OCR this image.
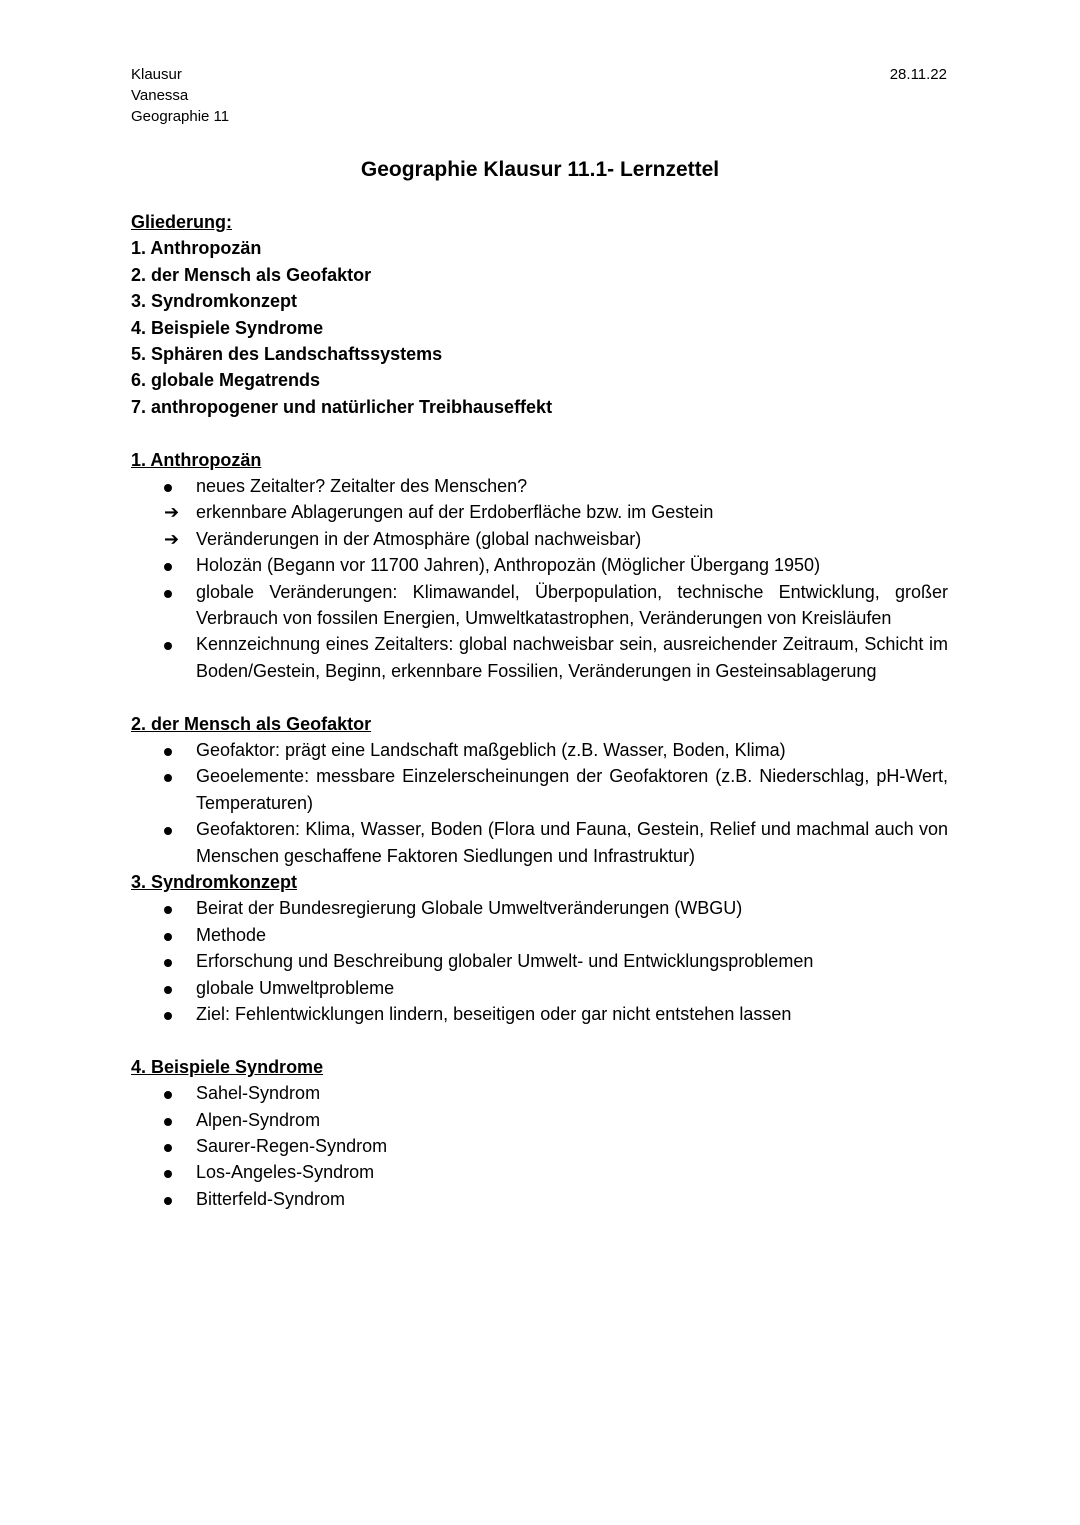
Klausur
Vanessa
Geographie 11
28.11.22
Geographie Klausur 11.1- Lernzettel
Gliederung:
1. Anthropozän
2. der Mensch als Geofaktor
3. Syndromkonzept
4. Beispiele Syndrome
5. Sphären des Landschaftssystems
6. globale Megatrends
7. anthropogener und natürlicher Treibhauseffekt
1. Anthropozän
neues Zeitalter? Zeitalter des Menschen?
➔ erkennbare Ablagerungen auf der Erdoberfläche bzw. im Gestein
➔ Veränderungen in der Atmosphäre (global nachweisbar)
Holozän (Begann vor 11700 Jahren), Anthropozän (Möglicher Übergang 1950)
globale Veränderungen: Klimawandel, Überpopulation, technische Entwicklung, großer Verbrauch von fossilen Energien, Umweltkatastrophen, Veränderungen von Kreisläufen
Kennzeichnung eines Zeitalters: global nachweisbar sein, ausreichender Zeitraum, Schicht im Boden/Gestein, Beginn, erkennbare Fossilien, Veränderungen in Gesteinsablagerung
2. der Mensch als Geofaktor
Geofaktor: prägt eine Landschaft maßgeblich (z.B. Wasser, Boden, Klima)
Geoelemente: messbare Einzelerscheinungen der Geofaktoren (z.B. Niederschlag, pH-Wert, Temperaturen)
Geofaktoren: Klima, Wasser, Boden (Flora und Fauna, Gestein, Relief und machmal auch von Menschen geschaffene Faktoren Siedlungen und Infrastruktur)
3. Syndromkonzept
Beirat der Bundesregierung Globale Umweltveränderungen (WBGU)
Methode
Erforschung und Beschreibung globaler Umwelt- und Entwicklungsproblemen
globale Umweltprobleme
Ziel: Fehlentwicklungen lindern, beseitigen oder gar nicht entstehen lassen
4. Beispiele Syndrome
Sahel-Syndrom
Alpen-Syndrom
Saurer-Regen-Syndrom
Los-Angeles-Syndrom
Bitterfeld-Syndrom
